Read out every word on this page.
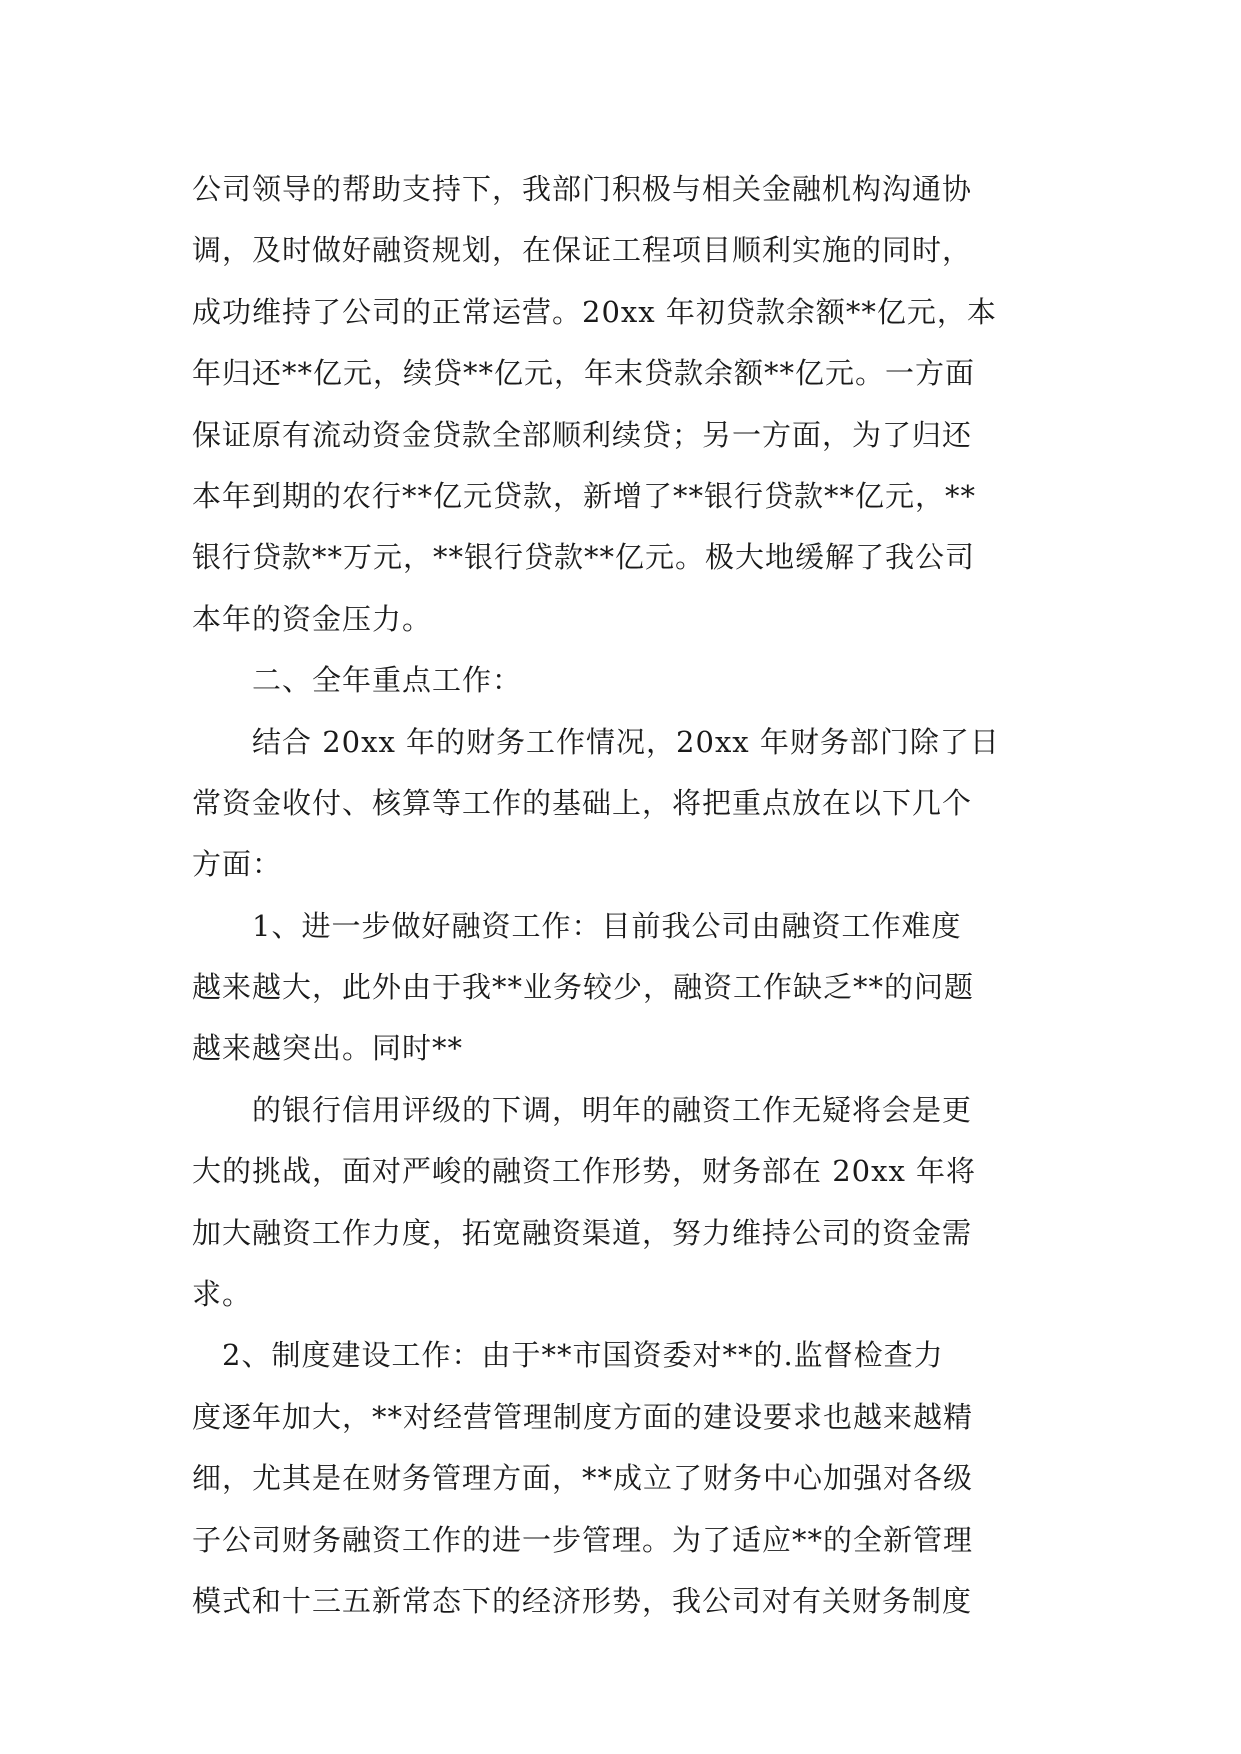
公司领导的帮助支持下，我部门积极与相关金融机构沟通协
调，及时做好融资规划，在保证工程项目顺利实施的同时，
成功维持了公司的正常运营。20xx 年初贷款余额**亿元，本
年归还**亿元，续贷**亿元，年末贷款余额**亿元。一方面
保证原有流动资金贷款全部顺利续贷；另一方面，为了归还
本年到期的农行**亿元贷款，新增了**银行贷款**亿元，**
银行贷款**万元，**银行贷款**亿元。极大地缓解了我公司
本年的资金压力。
　　二、全年重点工作：
　　结合 20xx 年的财务工作情况，20xx 年财务部门除了日
常资金收付、核算等工作的基础上，将把重点放在以下几个
方面：
　　1、进一步做好融资工作：目前我公司由融资工作难度
越来越大，此外由于我**业务较少，融资工作缺乏**的问题
越来越突出。同时**
　　的银行信用评级的下调，明年的融资工作无疑将会是更
大的挑战，面对严峻的融资工作形势，财务部在 20xx 年将
加大融资工作力度，拓宽融资渠道，努力维持公司的资金需
求。
　2、制度建设工作：由于**市国资委对**的.监督检查力
度逐年加大，**对经营管理制度方面的建设要求也越来越精
细，尤其是在财务管理方面，**成立了财务中心加强对各级
子公司财务融资工作的进一步管理。为了适应**的全新管理
模式和十三五新常态下的经济形势，我公司对有关财务制度
